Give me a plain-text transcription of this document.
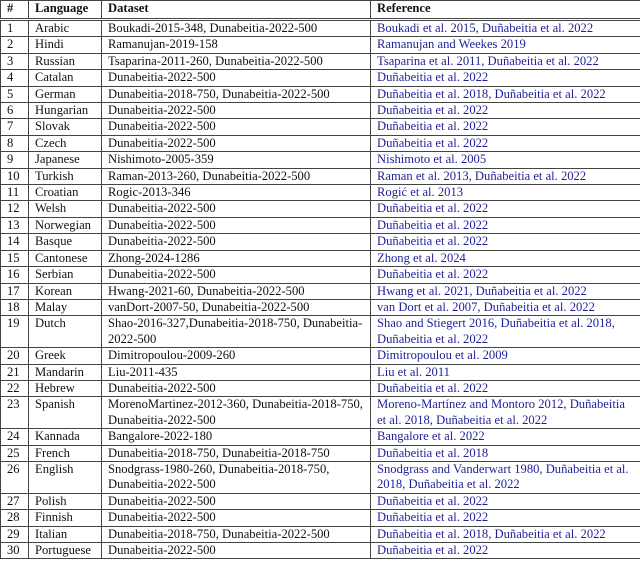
#	Language	Dataset	Reference
1	Arabic	Boukadi-2015-348, Dunabeitia-2022-500	Boukadi et al. 2015, Duñabeitia et al. 2022
2	Hindi	Ramanujan-2019-158	Ramanujan and Weekes 2019
3	Russian	Tsaparina-2011-260, Dunabeitia-2022-500	Tsaparina et al. 2011, Duñabeitia et al. 2022
4	Catalan	Dunabeitia-2022-500	Duñabeitia et al. 2022
5	German	Dunabeitia-2018-750, Dunabeitia-2022-500	Duñabeitia et al. 2018, Duñabeitia et al. 2022
6	Hungarian	Dunabeitia-2022-500	Duñabeitia et al. 2022
7	Slovak	Dunabeitia-2022-500	Duñabeitia et al. 2022
8	Czech	Dunabeitia-2022-500	Duñabeitia et al. 2022
9	Japanese	Nishimoto-2005-359	Nishimoto et al. 2005
10	Turkish	Raman-2013-260, Dunabeitia-2022-500	Raman et al. 2013, Duñabeitia et al. 2022
11	Croatian	Rogic-2013-346	Rogić et al. 2013
12	Welsh	Dunabeitia-2022-500	Duñabeitia et al. 2022
13	Norwegian	Dunabeitia-2022-500	Duñabeitia et al. 2022
14	Basque	Dunabeitia-2022-500	Duñabeitia et al. 2022
15	Cantonese	Zhong-2024-1286	Zhong et al. 2024
16	Serbian	Dunabeitia-2022-500	Duñabeitia et al. 2022
17	Korean	Hwang-2021-60, Dunabeitia-2022-500	Hwang et al. 2021, Duñabeitia et al. 2022
18	Malay	vanDort-2007-50, Dunabeitia-2022-500	van Dort et al. 2007, Duñabeitia et al. 2022
19	Dutch	Shao-2016-327,Dunabeitia-2018-750, Dunabeitia-2022-500	Shao and Stiegert 2016, Duñabeitia et al. 2018, Duñabeitia et al. 2022
20	Greek	Dimitropoulou-2009-260	Dimitropoulou et al. 2009
21	Mandarin	Liu-2011-435	Liu et al. 2011
22	Hebrew	Dunabeitia-2022-500	Duñabeitia et al. 2022
23	Spanish	MorenoMartinez-2012-360, Dunabeitia-2018-750, Dunabeitia-2022-500	Moreno-Martínez and Montoro 2012, Duñabeitia et al. 2018, Duñabeitia et al. 2022
24	Kannada	Bangalore-2022-180	Bangalore et al. 2022
25	French	Dunabeitia-2018-750, Dunabeitia-2018-750	Duñabeitia et al. 2018
26	English	Snodgrass-1980-260, Dunabeitia-2018-750, Dunabeitia-2022-500	Snodgrass and Vanderwart 1980, Duñabeitia et al. 2018, Duñabeitia et al. 2022
27	Polish	Dunabeitia-2022-500	Duñabeitia et al. 2022
28	Finnish	Dunabeitia-2022-500	Duñabeitia et al. 2022
29	Italian	Dunabeitia-2018-750, Dunabeitia-2022-500	Duñabeitia et al. 2018, Duñabeitia et al. 2022
30	Portuguese	Dunabeitia-2022-500	Duñabeitia et al. 2022
